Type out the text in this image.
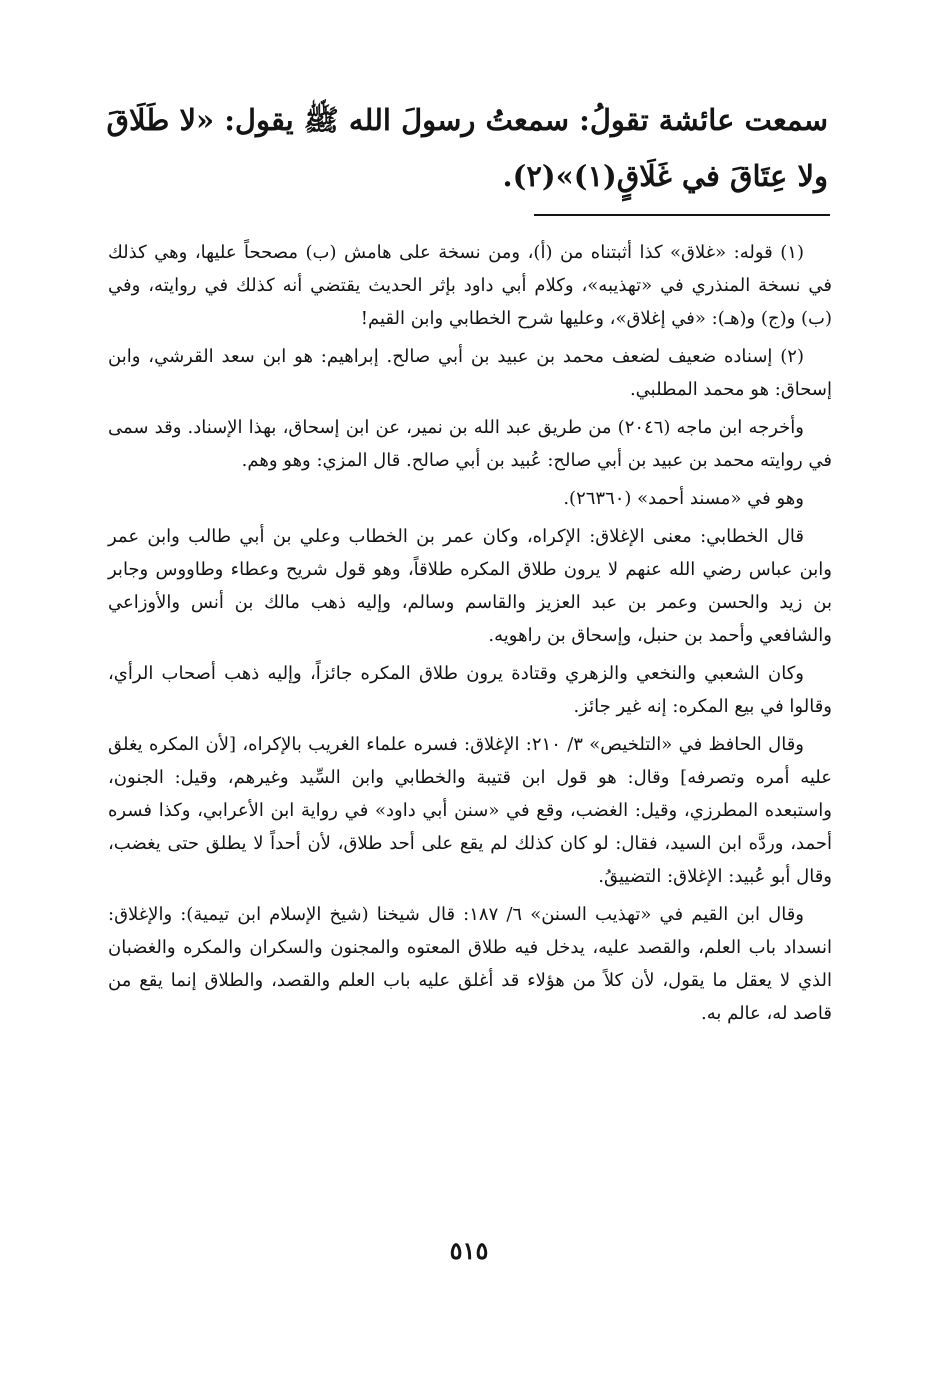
سمعت عائشة تقولُ: سمعتُ رسولَ الله ﷺ يقول: «لا طَلَاقَ

ولا عِتَاقَ في غَلَاقٍ(١)»(٢).

(١) قوله: «غلاق» كذا أثبتناه من (أ)، ومن نسخة على هامش (ب) مصححاً عليها، وهي كذلك في نسخة المنذري في «تهذيبه»، وكلام أبي داود بإثر الحديث يقتضي أنه كذلك في روايته، وفي (ب) و(ج) و(هـ): «في إغلاق»، وعليها شرح الخطابي وابن القيم!

(٢) إسناده ضعيف لضعف محمد بن عبيد بن أبي صالح. إبراهيم: هو ابن سعد القرشي، وابن إسحاق: هو محمد المطلبي.

وأخرجه ابن ماجه (٢٠٤٦) من طريق عبد الله بن نمير، عن ابن إسحاق، بهذا الإسناد. وقد سمى في روايته محمد بن عبيد بن أبي صالح: عُبيد بن أبي صالح. قال المزي: وهو وهم.

وهو في «مسند أحمد» (٢٦٣٦٠).

قال الخطابي: معنى الإغلاق: الإكراه، وكان عمر بن الخطاب وعلي بن أبي طالب وابن عمر وابن عباس رضي الله عنهم لا يرون طلاق المكره طلاقاً، وهو قول شريح وعطاء وطاووس وجابر بن زيد والحسن وعمر بن عبد العزيز والقاسم وسالم، وإليه ذهب مالك بن أنس والأوزاعي والشافعي وأحمد بن حنبل، وإسحاق بن راهويه.

وكان الشعبي والنخعي والزهري وقتادة يرون طلاق المكره جائزاً، وإليه ذهب أصحاب الرأي، وقالوا في بيع المكره: إنه غير جائز.

وقال الحافظ في «التلخيص» ٣/ ٢١٠: الإغلاق: فسره علماء الغريب بالإكراه، [لأن المكره يغلق عليه أمره وتصرفه] وقال: هو قول ابن قتيبة والخطابي وابن السِّيد وغيرهم، وقيل: الجنون، واستبعده المطرزي، وقيل: الغضب، وقع في «سنن أبي داود» في رواية ابن الأعرابي، وكذا فسره أحمد، وردَّه ابن السيد، فقال: لو كان كذلك لم يقع على أحد طلاق، لأن أحداً لا يطلق حتى يغضب، وقال أبو عُبيد: الإغلاق: التضييقُ.

وقال ابن القيم في «تهذيب السنن» ٦/ ١٨٧: قال شيخنا (شيخ الإسلام ابن تيمية): والإغلاق: انسداد باب العلم، والقصد عليه، يدخل فيه طلاق المعتوه والمجنون والسكران والمكره والغضبان الذي لا يعقل ما يقول، لأن كلاً من هؤلاء قد أغلق عليه باب العلم والقصد، والطلاق إنما يقع من قاصد له، عالم به.

٥١٥
